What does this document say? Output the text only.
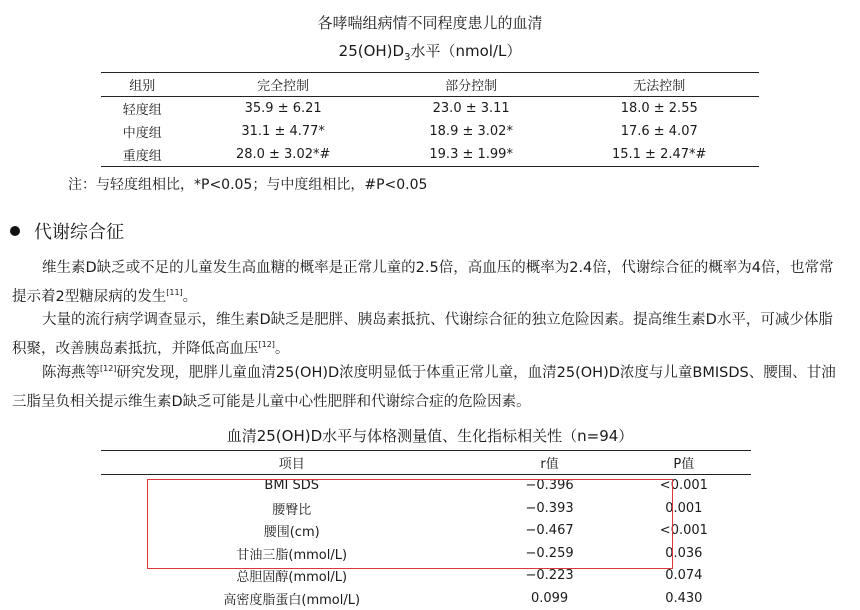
各哮喘组病情不同程度患儿的血清
$25(OH)D_3$水平（nmol/L）
组别	完全控制	部分控制	无法控制
轻度组	35.9 ± 6.21	23.0 ± 3.11	18.0 ± 2.55
中度组	31.1 ± 4.77*	18.9 ± 3.02*	17.6 ± 4.07
重度组	28.0 ± 3.02*#	19.3 ± 1.99*	15.1 ± 2.47*#
注：与轻度组相比，*P<0.05；与中度组相比，#P<0.05
代谢综合征
维生素D缺乏或不足的儿童发生高血糖的概率是正常儿童的2.5倍，高血压的概率为2.4倍，代谢综合征的概率为4倍，也常常提示着2型糖尿病的发生[11]。
大量的流行病学调查显示，维生素D缺乏是肥胖、胰岛素抵抗、代谢综合征的独立危险因素。提高维生素D水平，可减少体脂积聚，改善胰岛素抵抗，并降低高血压[12]。
陈海燕等[12]研究发现，肥胖儿童血清25(OH)D浓度明显低于体重正常儿童，血清25(OH)D浓度与儿童BMISDS、腰围、甘油三脂呈负相关提示维生素D缺乏可能是儿童中心性肥胖和代谢综合症的危险因素。
血清25(OH)D水平与体格测量值、生化指标相关性（n=94）
项目	r值	P值
BMI SDS	−0.396	<0.001
腰臀比	−0.393	0.001
腰围(cm)	−0.467	<0.001
甘油三脂(mmol/L)	−0.259	0.036
总胆固醇(mmol/L)	−0.223	0.074
高密度脂蛋白(mmol/L)	0.099	0.430
